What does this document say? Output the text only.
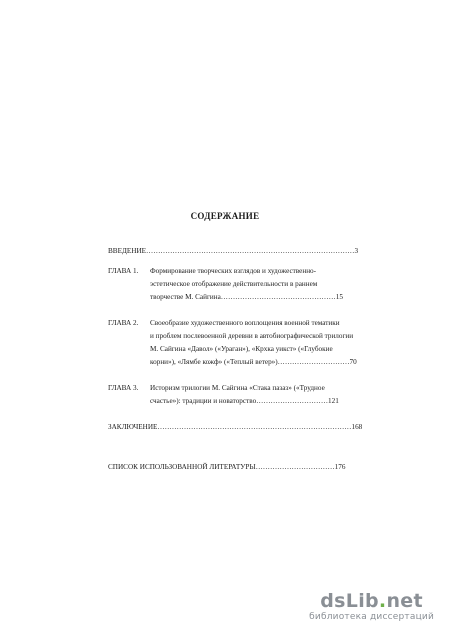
СОДЕРЖАНИЕ
ВВЕДЕНИЕ……………………………………………………………………………3
ГЛАВА 1. Формирование творческих взглядов и художественно-
эстетическое отображение действительности в раннем
творчестве М. Сайгина…………………………………………15
ГЛАВА 2. Своеобразие художественного воплощения военной тематики
и проблем послевоенной деревни в автобиографической трилогии
М. Сайгина «Давол» («Ураган»), «Крхка уикст» («Глубокие
корни»), «Лямбе кожф» («Теплый ветер»)…………………………70
ГЛАВА 3. Историзм трилогии М. Сайгина «Стака пазаз» («Трудное
счастье»): традиции и новаторство…………………………121
ЗАКЛЮЧЕНИЕ………………………………………………………………………168
СПИСОК ИСПОЛЬЗОВАННОЙ ЛИТЕРАТУРЫ……………………………176
dsLib.net
библиотека диссертаций
